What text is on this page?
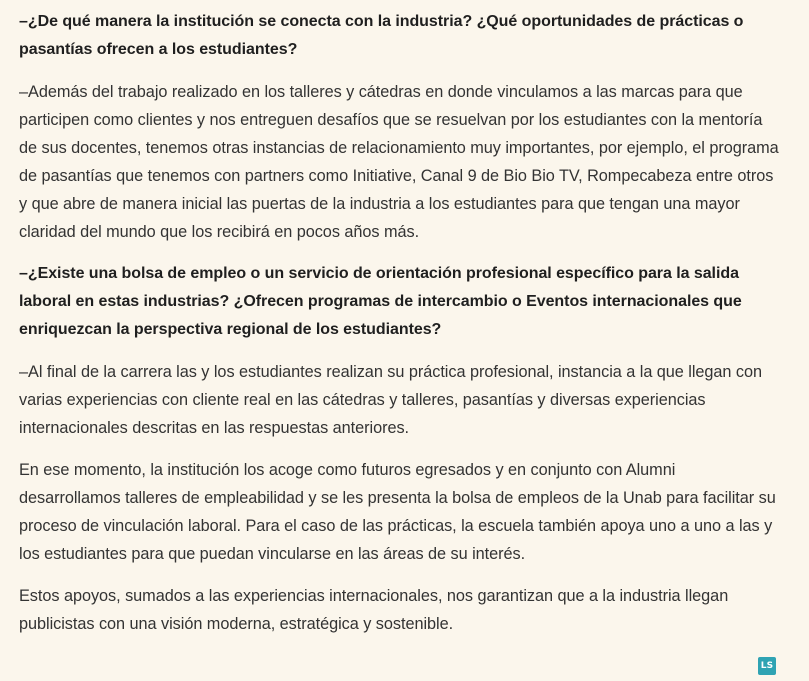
–¿De qué manera la institución se conecta con la industria? ¿Qué oportunidades de prácticas o pasantías ofrecen a los estudiantes?

–Además del trabajo realizado en los talleres y cátedras en donde vinculamos a las marcas para que participen como clientes y nos entreguen desafíos que se resuelvan por los estudiantes con la mentoría de sus docentes, tenemos otras instancias de relacionamiento muy importantes, por ejemplo, el programa de pasantías que tenemos con partners como Initiative, Canal 9 de Bio Bio TV, Rompecabeza entre otros y que abre de manera inicial las puertas de la industria a los estudiantes para que tengan una mayor claridad del mundo que los recibirá en pocos años más.

–¿Existe una bolsa de empleo o un servicio de orientación profesional específico para la salida laboral en estas industrias? ¿Ofrecen programas de intercambio o Eventos internacionales que enriquezcan la perspectiva regional de los estudiantes?

–Al final de la carrera las y los estudiantes realizan su práctica profesional, instancia a la que llegan con varias experiencias con cliente real en las cátedras y talleres, pasantías y diversas experiencias internacionales descritas en las respuestas anteriores.

En ese momento, la institución los acoge como futuros egresados y en conjunto con Alumni desarrollamos talleres de empleabilidad y se les presenta la bolsa de empleos de la Unab para facilitar su proceso de vinculación laboral. Para el caso de las prácticas, la escuela también apoya uno a uno a las y los estudiantes para que puedan vincularse en las áreas de su interés.

Estos apoyos, sumados a las experiencias internacionales, nos garantizan que a la industria llegan publicistas con una visión moderna, estratégica y sostenible.

LS
